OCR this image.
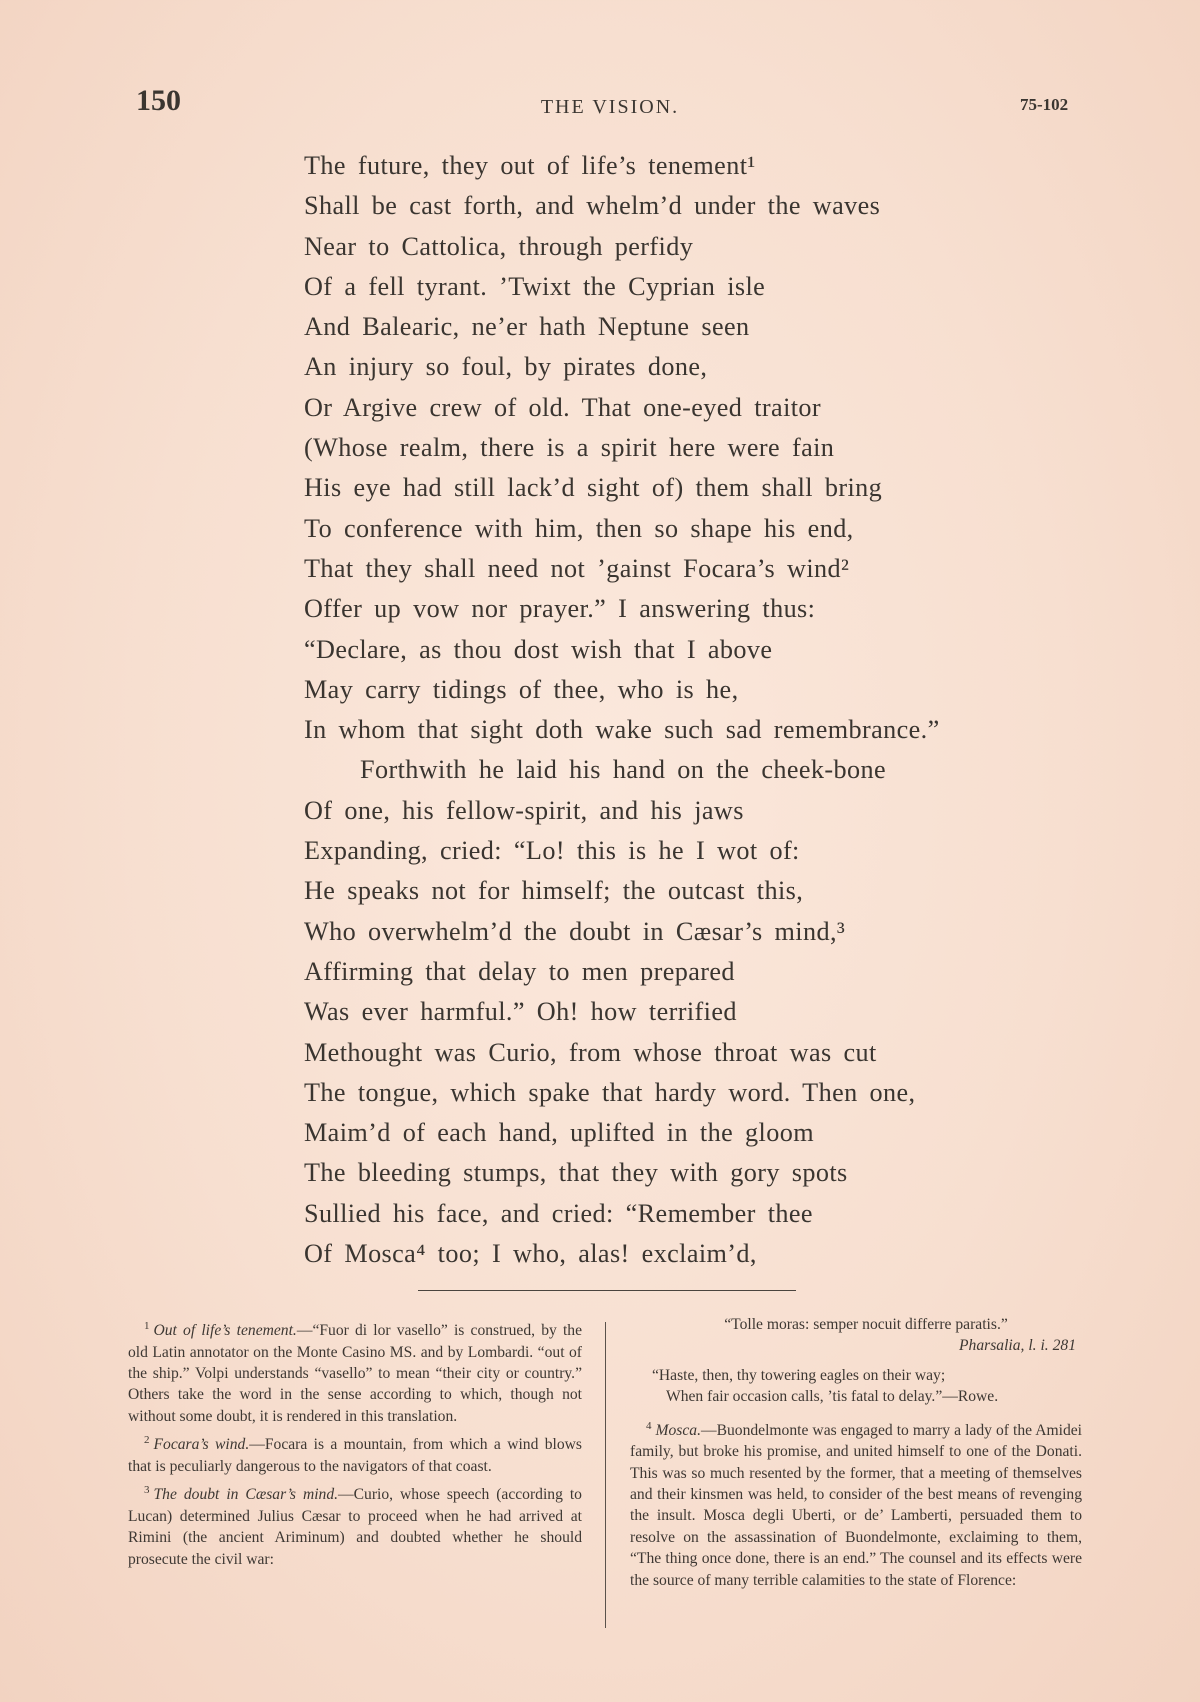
150	THE VISION.	75-102
The future, they out of life’s tenement¹
Shall be cast forth, and whelm’d under the waves
Near to Cattolica, through perfidy
Of a fell tyrant. ’Twixt the Cyprian isle
And Balearic, ne’er hath Neptune seen
An injury so foul, by pirates done,
Or Argive crew of old. That one-eyed traitor
(Whose realm, there is a spirit here were fain
His eye had still lack’d sight of) them shall bring
To conference with him, then so shape his end,
That they shall need not ’gainst Focara’s wind²
Offer up vow nor prayer.” I answering thus:
“Declare, as thou dost wish that I above
May carry tidings of thee, who is he,
In whom that sight doth wake such sad remembrance.”
Forthwith he laid his hand on the cheek-bone
Of one, his fellow-spirit, and his jaws
Expanding, cried: “Lo! this is he I wot of:
He speaks not for himself; the outcast this,
Who overwhelm’d the doubt in Cæsar’s mind,³
Affirming that delay to men prepared
Was ever harmful.” Oh! how terrified
Methought was Curio, from whose throat was cut
The tongue, which spake that hardy word. Then one,
Maim’d of each hand, uplifted in the gloom
The bleeding stumps, that they with gory spots
Sullied his face, and cried: “Remember thee
Of Mosca⁴ too; I who, alas! exclaim’d,

$^1$ Out of life’s tenement.—“Fuor di lor vasello” is construed, by the old Latin annotator on the Monte Casino MS. and by Lombardi. “out of the ship.” Volpi understands “vasello” to mean “their city or country.” Others take the word in the sense according to which, though not without some doubt, it is rendered in this translation.

$^2$ Focara’s wind.—Focara is a mountain, from which a wind blows that is peculiarly dangerous to the navigators of that coast.

$^3$ The doubt in Cæsar’s mind.—Curio, whose speech (according to Lucan) determined Julius Cæsar to proceed when he had arrived at Rimini (the ancient Ariminum) and doubted whether he should prosecute the civil war:

“Tolle moras: semper nocuit differre paratis.”
Pharsalia, l. i. 281
“Haste, then, thy towering eagles on their way;
When fair occasion calls, ’tis fatal to delay.”—Rowe.

$^4$ Mosca.—Buondelmonte was engaged to marry a lady of the Amidei family, but broke his promise, and united himself to one of the Donati. This was so much resented by the former, that a meeting of themselves and their kinsmen was held, to consider of the best means of revenging the insult. Mosca degli Uberti, or de’ Lamberti, persuaded them to resolve on the assassination of Buondelmonte, exclaiming to them, “The thing once done, there is an end.” The counsel and its effects were the source of many terrible calamities to the state of Florence:
